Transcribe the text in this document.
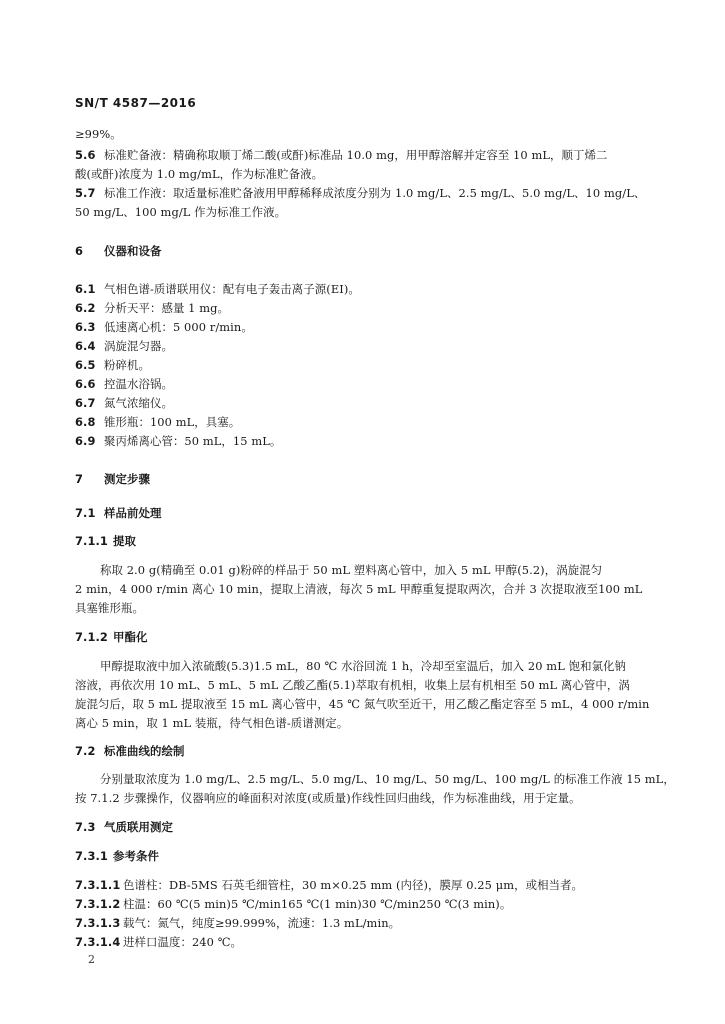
SN/T 4587—2016
≥99%。
5.6 标准贮备液：精确称取顺丁烯二酸(或酐)标准品 10.0 mg，用甲醇溶解并定容至 10 mL，顺丁烯二
酸(或酐)浓度为 1.0 mg/mL，作为标准贮备液。
5.7 标准工作液：取适量标准贮备液用甲醇稀释成浓度分别为 1.0 mg/L、2.5 mg/L、5.0 mg/L、10 mg/L、
50 mg/L、100 mg/L 作为标准工作液。
6 仪器和设备
6.1 气相色谱-质谱联用仪：配有电子轰击离子源(EI)。
6.2 分析天平：感量 1 mg。
6.3 低速离心机：5 000 r/min。
6.4 涡旋混匀器。
6.5 粉碎机。
6.6 控温水浴锅。
6.7 氮气浓缩仪。
6.8 锥形瓶：100 mL，具塞。
6.9 聚丙烯离心管：50 mL，15 mL。
7 测定步骤
7.1 样品前处理
7.1.1 提取
称取 2.0 g(精确至 0.01 g)粉碎的样品于 50 mL 塑料离心管中，加入 5 mL 甲醇(5.2)，涡旋混匀
2 min，4 000 r/min 离心 10 min，提取上清液，每次 5 mL 甲醇重复提取两次，合并 3 次提取液至100 mL
具塞锥形瓶。
7.1.2 甲酯化
甲醇提取液中加入浓硫酸(5.3)1.5 mL，80 ℃ 水浴回流 1 h，冷却至室温后，加入 20 mL 饱和氯化钠
溶液，再依次用 10 mL、5 mL、5 mL 乙酸乙酯(5.1)萃取有机相，收集上层有机相至 50 mL 离心管中，涡
旋混匀后，取 5 mL 提取液至 15 mL 离心管中，45 ℃ 氮气吹至近干，用乙酸乙酯定容至 5 mL，4 000 r/min
离心 5 min，取 1 mL 装瓶，待气相色谱-质谱测定。
7.2 标准曲线的绘制
分别量取浓度为 1.0 mg/L、2.5 mg/L、5.0 mg/L、10 mg/L、50 mg/L、100 mg/L 的标准工作液 15 mL，
按 7.1.2 步骤操作，仪器响应的峰面积对浓度(或质量)作线性回归曲线，作为标准曲线，用于定量。
7.3 气质联用测定
7.3.1 参考条件
7.3.1.1 色谱柱：DB-5MS 石英毛细管柱，30 m×0.25 mm (内径)，膜厚 0.25 μm，或相当者。
7.3.1.2 柱温：60 ℃(5 min)5 ℃/min165 ℃(1 min)30 ℃/min250 ℃(3 min)。
7.3.1.3 载气：氮气，纯度≥99.999%，流速：1.3 mL/min。
7.3.1.4 进样口温度：240 ℃。
2
